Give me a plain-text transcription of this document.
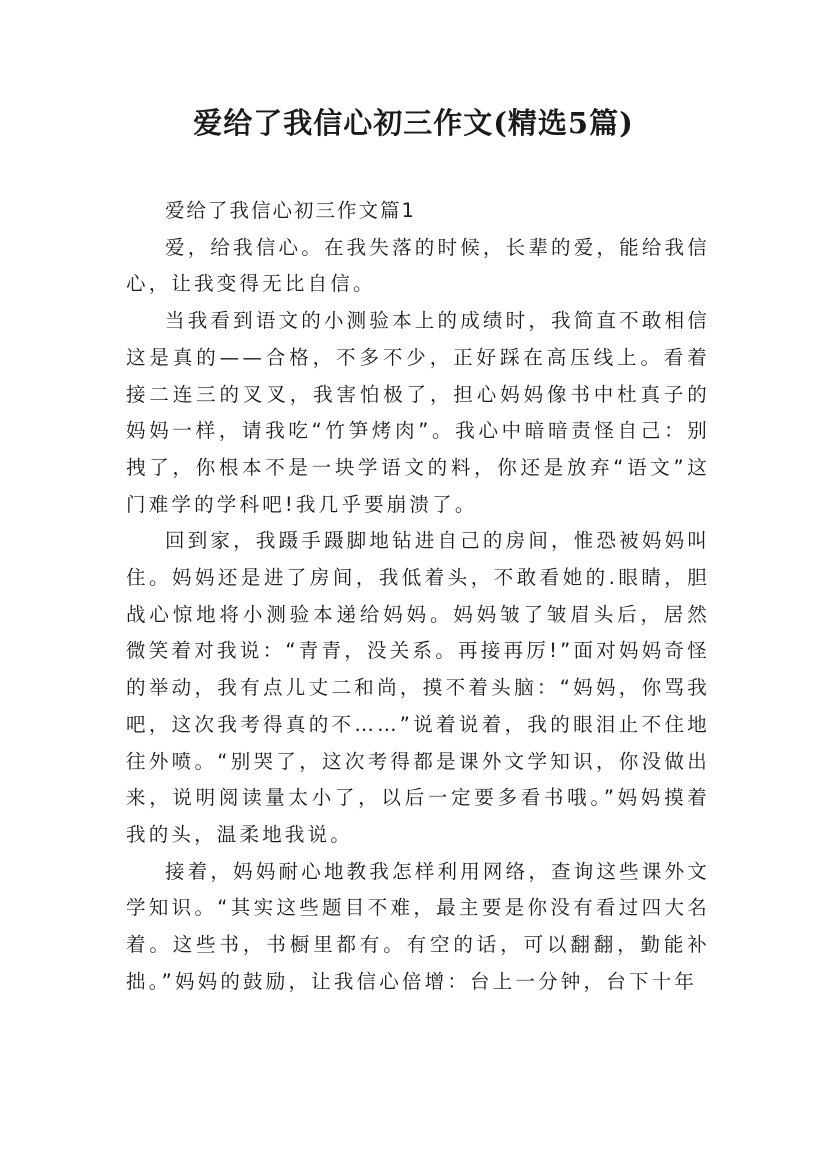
爱给了我信心初三作文(精选5篇)

爱给了我信心初三作文篇1

爱，给我信心。在我失落的时候，长辈的爱，能给我信心，让我变得无比自信。

当我看到语文的小测验本上的成绩时，我简直不敢相信这是真的——合格，不多不少，正好踩在高压线上。看着接二连三的叉叉，我害怕极了，担心妈妈像书中杜真子的妈妈一样，请我吃“竹笋烤肉”。我心中暗暗责怪自己：别拽了，你根本不是一块学语文的料，你还是放弃“语文”这门难学的学科吧!我几乎要崩溃了。

回到家，我蹑手蹑脚地钻进自己的房间，惟恐被妈妈叫住。妈妈还是进了房间，我低着头，不敢看她的.眼睛，胆战心惊地将小测验本递给妈妈。妈妈皱了皱眉头后，居然微笑着对我说：“青青，没关系。再接再厉!”面对妈妈奇怪的举动，我有点儿丈二和尚，摸不着头脑：“妈妈，你骂我吧，这次我考得真的不……”说着说着，我的眼泪止不住地往外喷。“别哭了，这次考得都是课外文学知识，你没做出来，说明阅读量太小了，以后一定要多看书哦。”妈妈摸着我的头，温柔地我说。

接着，妈妈耐心地教我怎样利用网络，查询这些课外文学知识。“其实这些题目不难，最主要是你没有看过四大名着。这些书，书橱里都有。有空的话，可以翻翻，勤能补拙。”妈妈的鼓励，让我信心倍增：台上一分钟，台下十年
